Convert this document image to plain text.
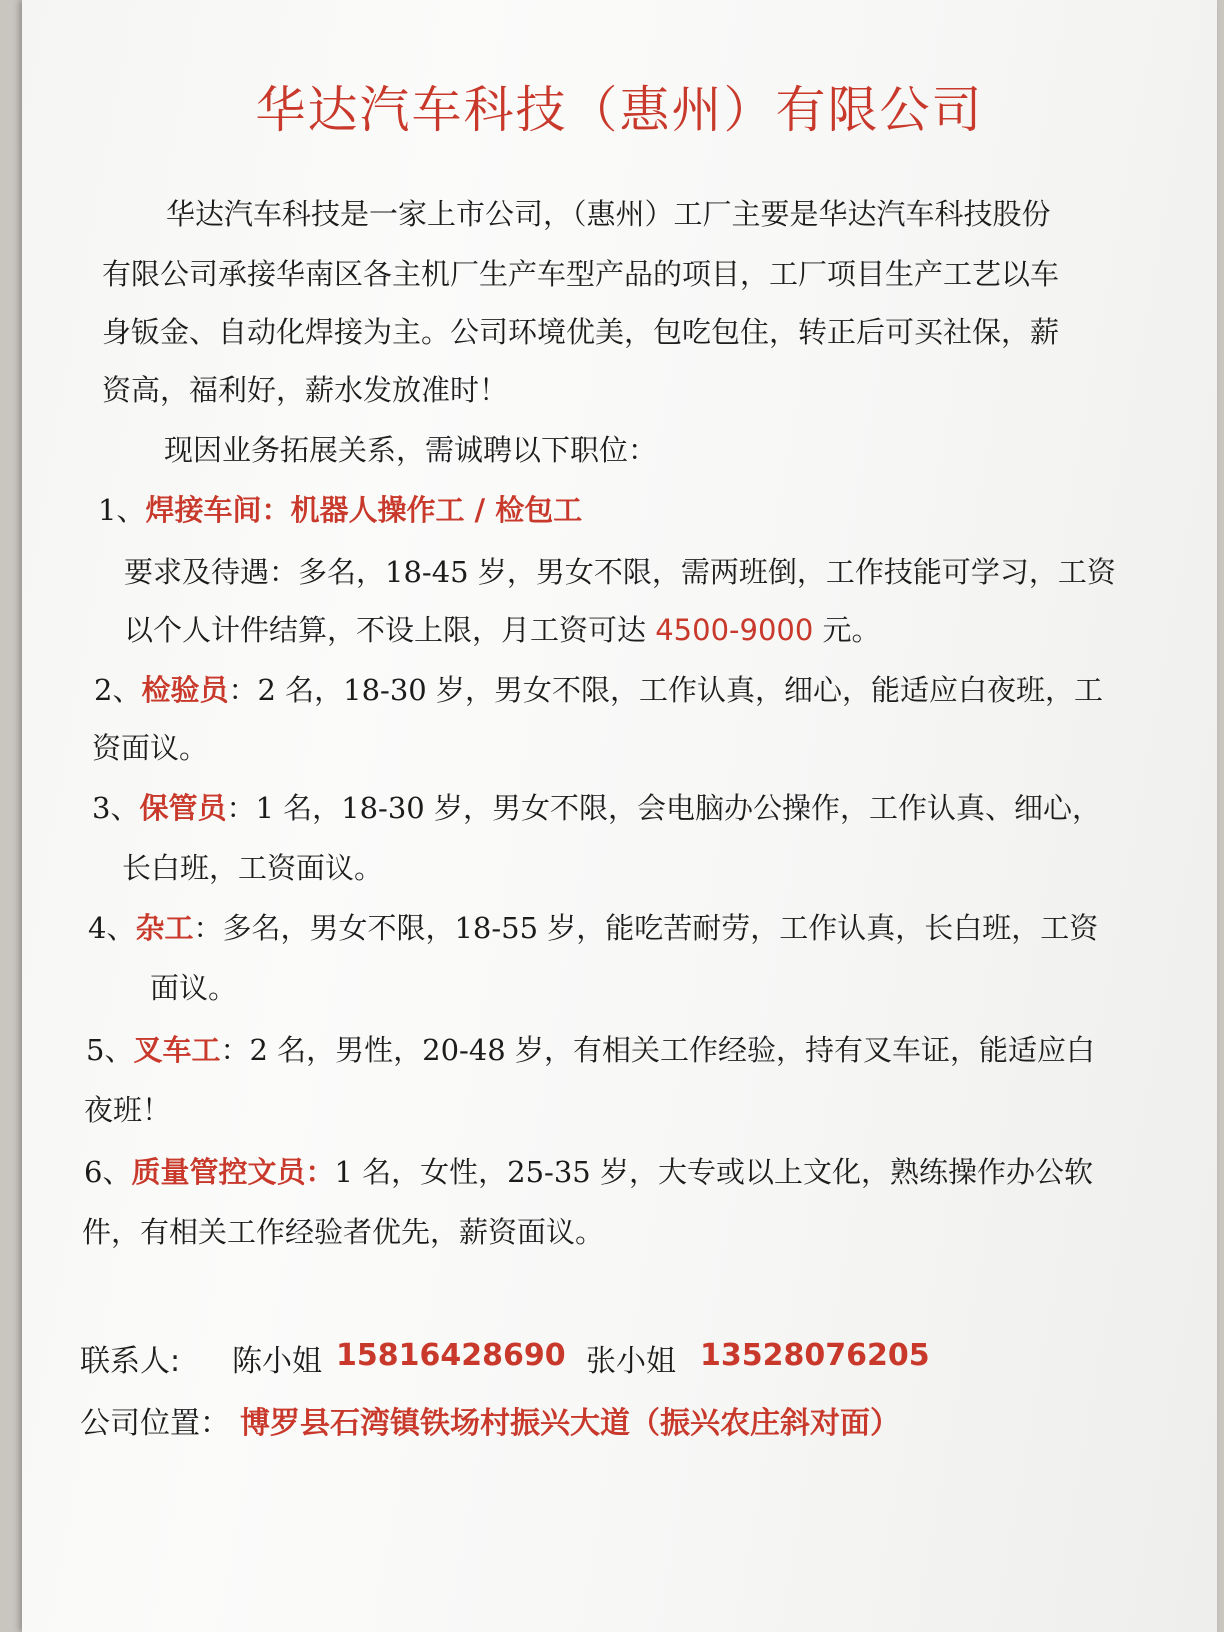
华达汽车科技（惠州）有限公司
华达汽车科技是一家上市公司，（惠州）工厂主要是华达汽车科技股份
有限公司承接华南区各主机厂生产车型产品的项目，工厂项目生产工艺以车
身钣金、自动化焊接为主。公司环境优美，包吃包住，转正后可买社保，薪
资高，福利好，薪水发放准时！
现因业务拓展关系，需诚聘以下职位：
1、焊接车间：机器人操作工 / 检包工
要求及待遇：多名，18-45 岁，男女不限，需两班倒，工作技能可学习，工资
以个人计件结算，不设上限，月工资可达 4500-9000 元。
2、检验员：2 名，18-30 岁，男女不限，工作认真，细心，能适应白夜班，工
资面议。
3、保管员：1 名，18-30 岁，男女不限，会电脑办公操作，工作认真、细心，
长白班，工资面议。
4、杂工：多名，男女不限，18-55 岁，能吃苦耐劳，工作认真，长白班，工资
面议。
5、叉车工：2 名，男性，20-48 岁，有相关工作经验，持有叉车证，能适应白
夜班！
6、质量管控文员：1 名，女性，25-35 岁，大专或以上文化，熟练操作办公软
件，有相关工作经验者优先，薪资面议。
联系人: 陈小姐 15816428690 张小姐 13528076205
公司位置： 博罗县石湾镇铁场村振兴大道（振兴农庄斜对面）
